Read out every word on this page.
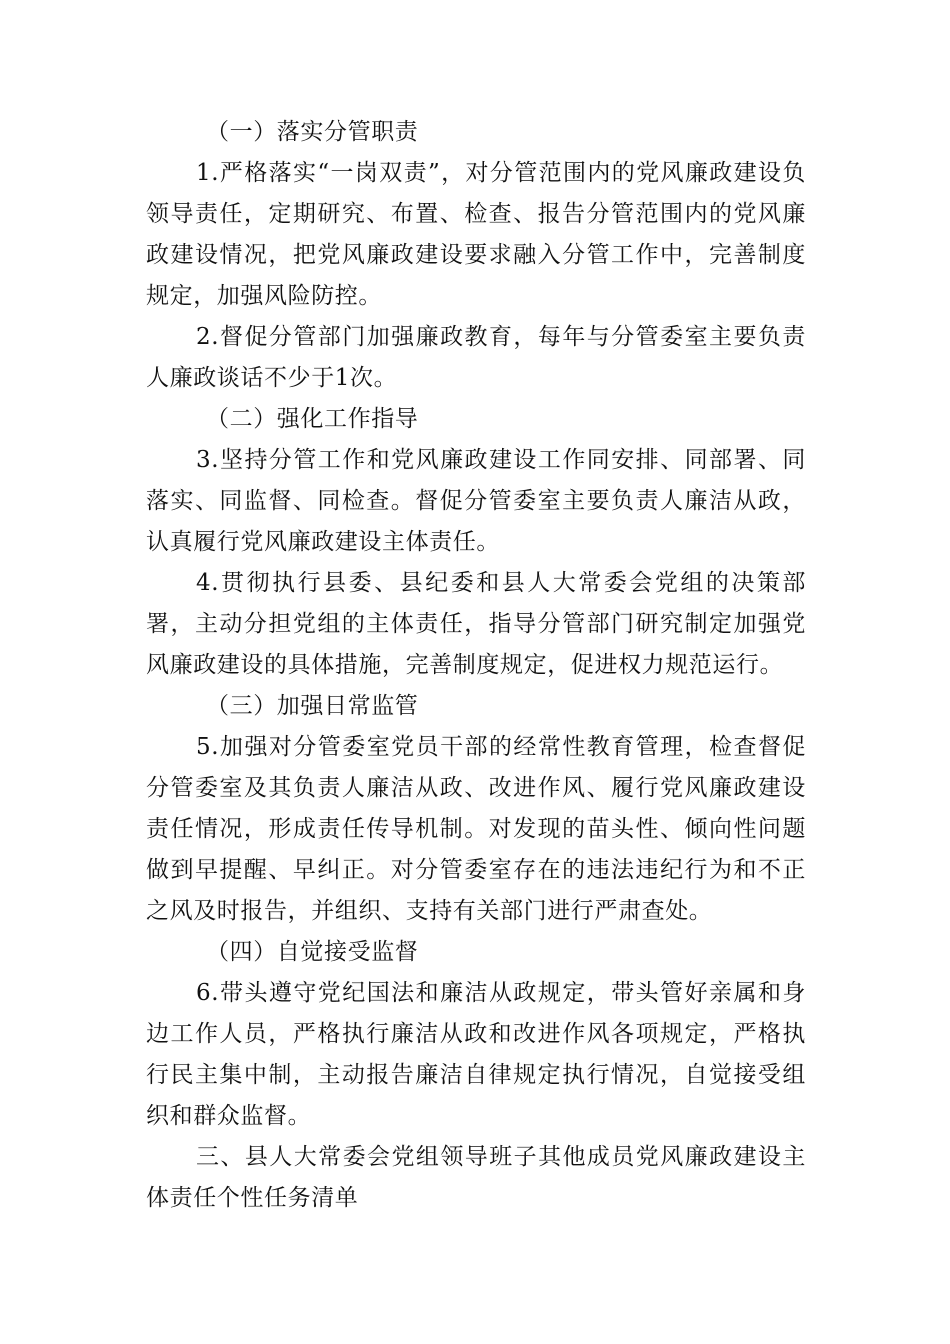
（一）落实分管职责

1.严格落实“一岗双责”，对分管范围内的党风廉政建设负领导责任，定期研究、布置、检查、报告分管范围内的党风廉政建设情况，把党风廉政建设要求融入分管工作中，完善制度规定，加强风险防控。

2.督促分管部门加强廉政教育，每年与分管委室主要负责人廉政谈话不少于1次。

（二）强化工作指导

3.坚持分管工作和党风廉政建设工作同安排、同部署、同落实、同监督、同检查。督促分管委室主要负责人廉洁从政，认真履行党风廉政建设主体责任。

4.贯彻执行县委、县纪委和县人大常委会党组的决策部署，主动分担党组的主体责任，指导分管部门研究制定加强党风廉政建设的具体措施，完善制度规定，促进权力规范运行。

（三）加强日常监管

5.加强对分管委室党员干部的经常性教育管理，检查督促分管委室及其负责人廉洁从政、改进作风、履行党风廉政建设责任情况，形成责任传导机制。对发现的苗头性、倾向性问题做到早提醒、早纠正。对分管委室存在的违法违纪行为和不正之风及时报告，并组织、支持有关部门进行严肃查处。

（四）自觉接受监督

6.带头遵守党纪国法和廉洁从政规定，带头管好亲属和身边工作人员，严格执行廉洁从政和改进作风各项规定，严格执行民主集中制，主动报告廉洁自律规定执行情况，自觉接受组织和群众监督。

三、县人大常委会党组领导班子其他成员党风廉政建设主体责任个性任务清单
